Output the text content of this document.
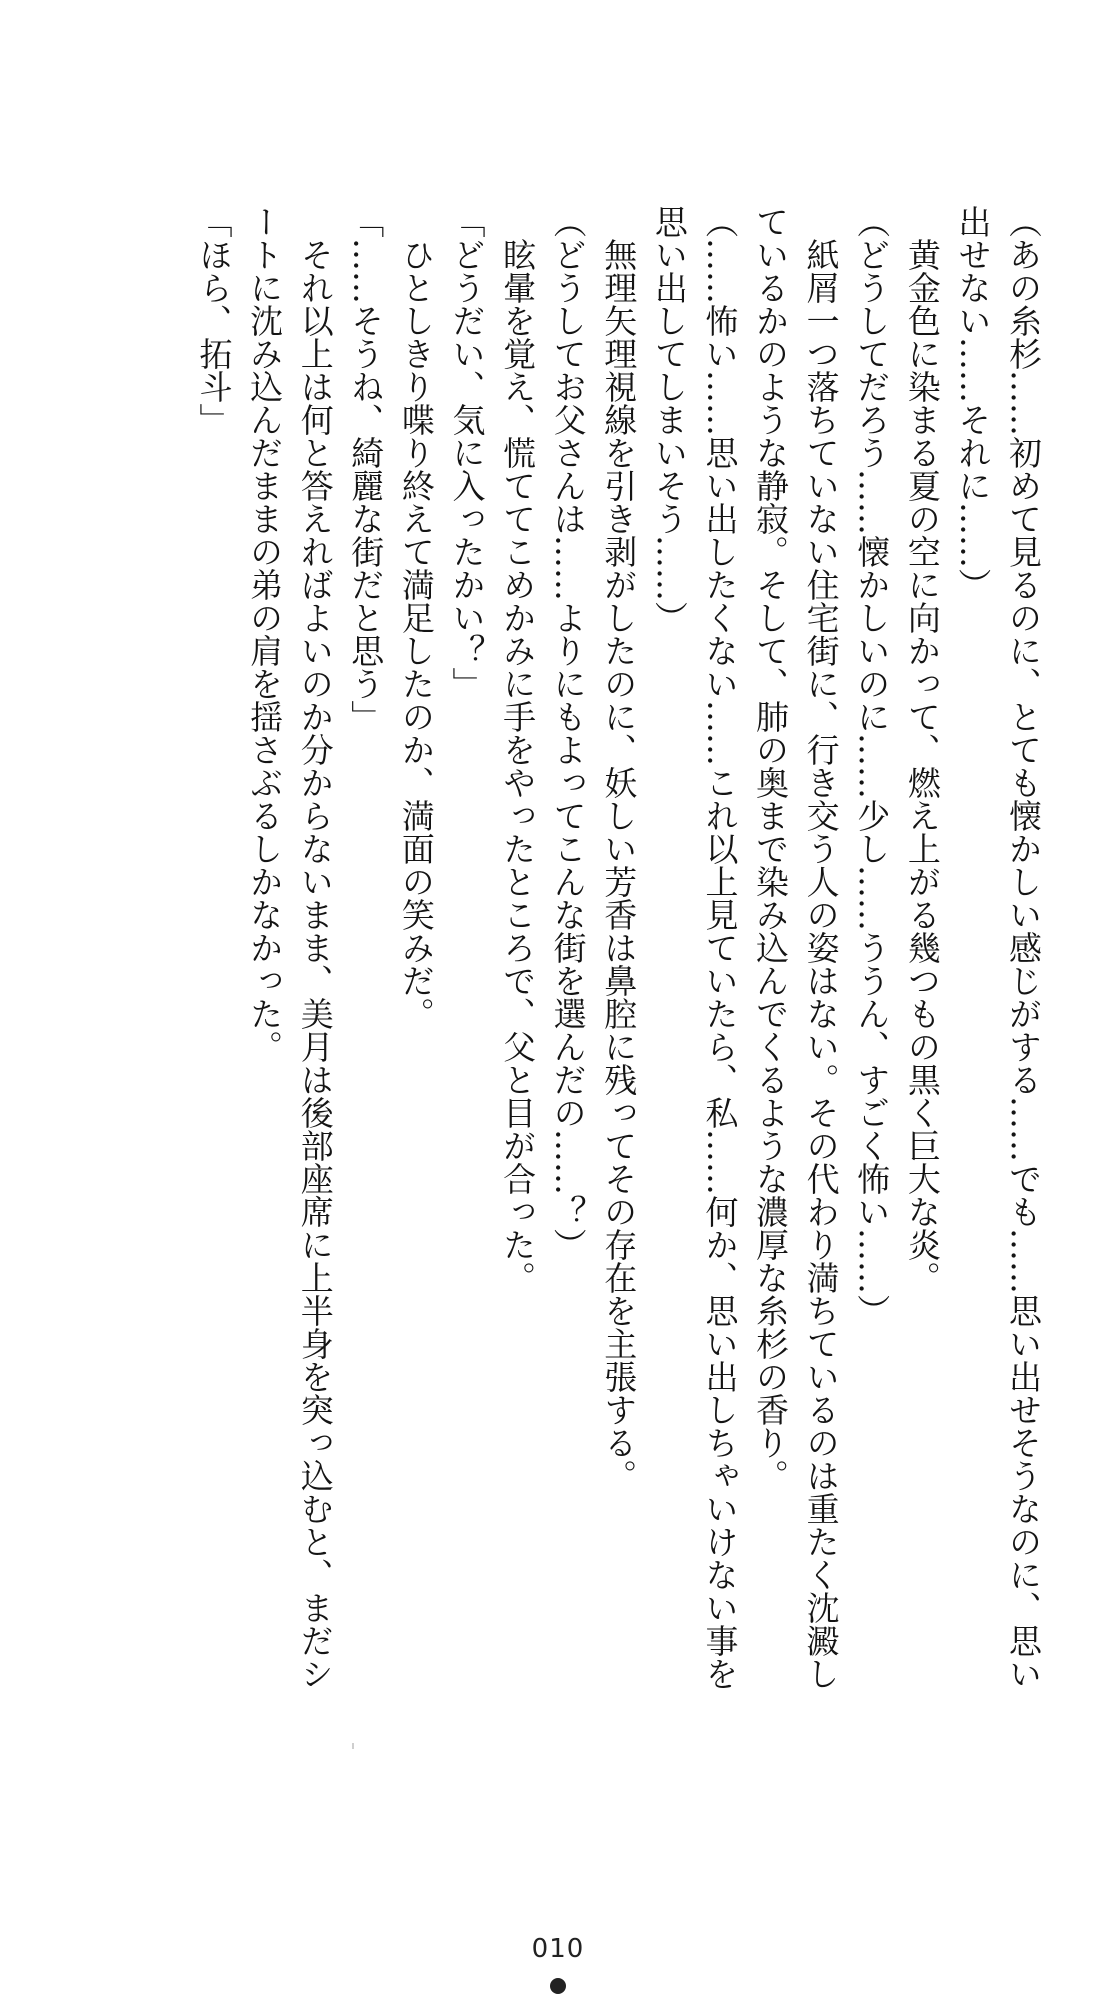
（あの糸杉……初めて見るのに、とても懐かしい感じがする……でも……思い出せそうなのに、思い出せない……それに……）

　黄金色に染まる夏の空に向かって、燃え上がる幾つもの黒く巨大な炎。

（どうしてだろう……懐かしいのに……少し……ううん、すごく怖い……）

　紙屑一つ落ちていない住宅街に、行き交う人の姿はない。その代わり満ちているのは重たく沈澱しているかのような静寂。そして、肺の奥まで染み込んでくるような濃厚な糸杉の香り。

（……怖い……思い出したくない……これ以上見ていたら、私……何か、思い出しちゃいけない事を思い出してしまいそう……）

　無理矢理視線を引き剥がしたのに、妖しい芳香は鼻腔に残ってその存在を主張する。

（どうしてお父さんは……よりにもよってこんな街を選んだの……？）

　眩暈を覚え、慌ててこめかみに手をやったところで、父と目が合った。

「どうだい、気に入ったかい？」

　ひとしきり喋り終えて満足したのか、満面の笑みだ。

「……そうね、綺麗な街だと思う」

　それ以上は何と答えればよいのか分からないまま、美月は後部座席に上半身を突っ込むと、まだシートに沈み込んだままの弟の肩を揺さぶるしかなかった。

「ほら、拓斗」

010
